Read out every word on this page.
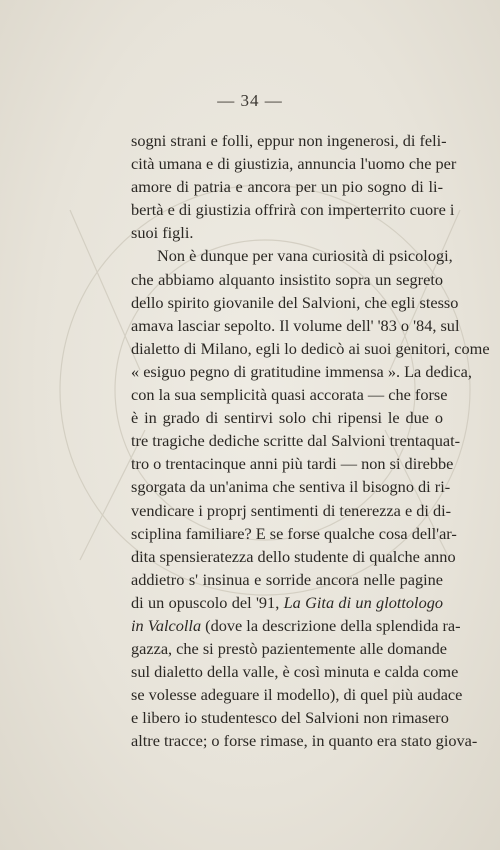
— 34 —
sogni strani e folli, eppur non ingenerosi, di feli-
cità umana e di giustizia, annuncia l'uomo che per
amore di patria e ancora per un pio sogno di li-
bertà e di giustizia offrirà con imperterrito cuore i
suoi figli.
Non è dunque per vana curiosità di psicologi,
che abbiamo alquanto insistito sopra un segreto
dello spirito giovanile del Salvioni, che egli stesso
amava lasciar sepolto. Il volume dell' '83 o '84, sul
dialetto di Milano, egli lo dedicò ai suoi genitori, come
« esiguo pegno di gratitudine immensa ». La dedica,
con la sua semplicità quasi accorata — che forse
è in grado di sentirvi solo chi ripensi le due o
tre tragiche dediche scritte dal Salvioni trentaquat-
tro o trentacinque anni più tardi — non si direbbe
sgorgata da un'anima che sentiva il bisogno di ri-
vendicare i proprj sentimenti di tenerezza e di di-
sciplina familiare? E se forse qualche cosa dell'ar-
dita spensieratezza dello studente di qualche anno
addietro s' insinua e sorride ancora nelle pagine
di un opuscolo del '91, La Gita di un glottologo
in Valcolla (dove la descrizione della splendida ra-
gazza, che si prestò pazientemente alle domande
sul dialetto della valle, è così minuta e calda come
se volesse adeguare il modello), di quel più audace
e libero io studentesco del Salvioni non rimasero
altre tracce; o forse rimase, in quanto era stato giova-
